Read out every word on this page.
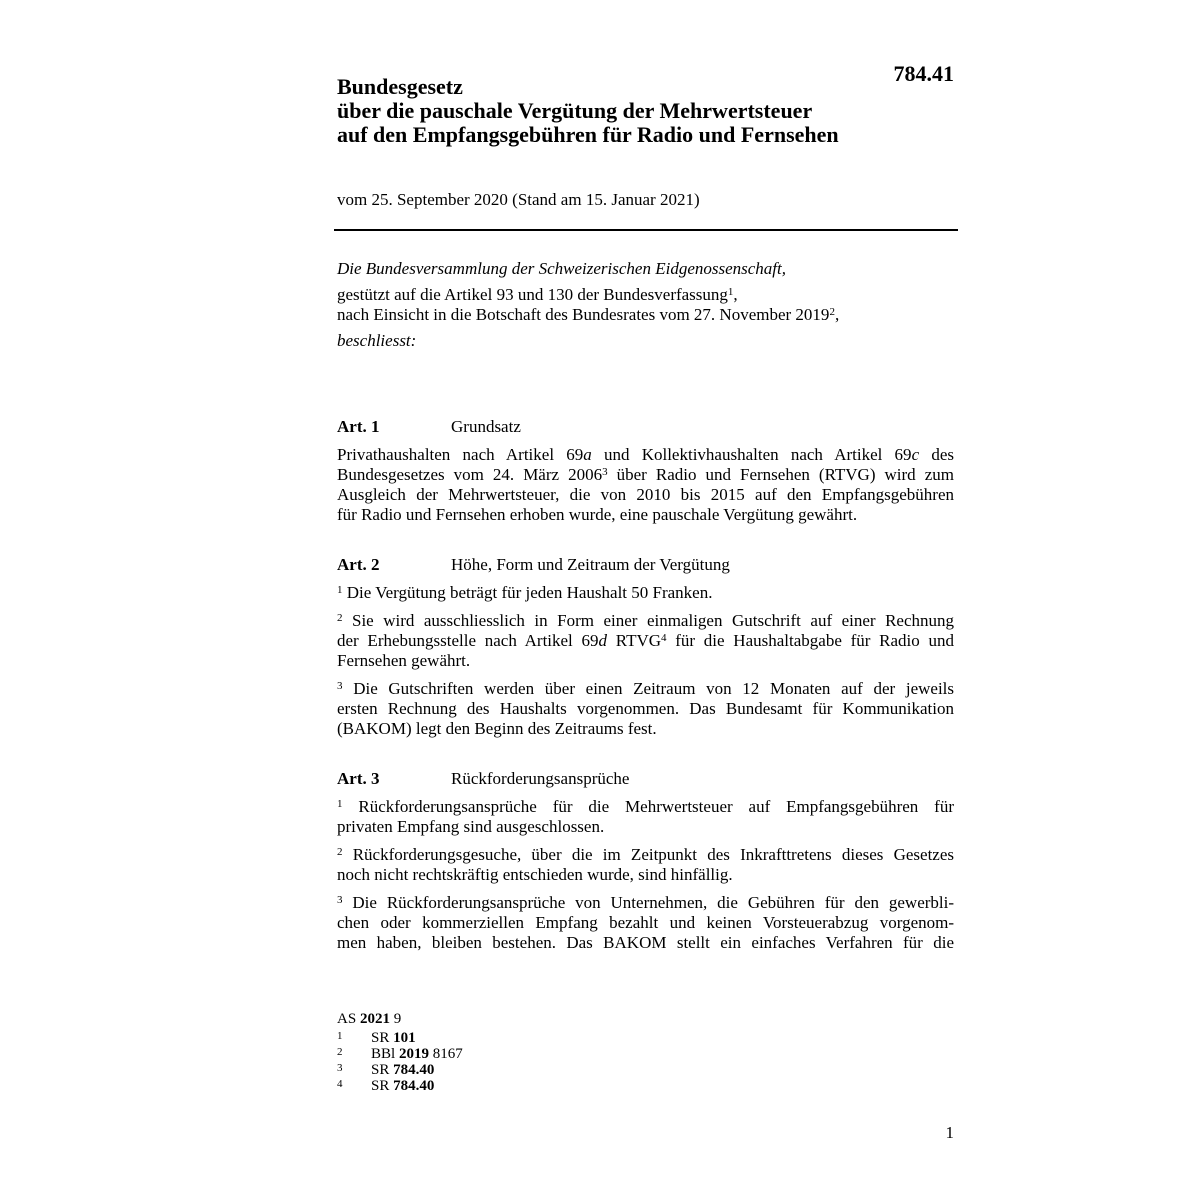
784.41
Bundesgesetz
über die pauschale Vergütung der Mehrwertsteuer
auf den Empfangsgebühren für Radio und Fernsehen
vom 25. September 2020 (Stand am 15. Januar 2021)
Die Bundesversammlung der Schweizerischen Eidgenossenschaft,
gestützt auf die Artikel 93 und 130 der Bundesverfassung$^1$,
nach Einsicht in die Botschaft des Bundesrates vom 27. November 2019$^2$,
beschliesst:
Art. 1	Grundsatz
Privathaushalten nach Artikel 69a und Kollektivhaushalten nach Artikel 69c des
Bundesgesetzes vom 24. März 2006$^3$ über Radio und Fernsehen (RTVG) wird zum
Ausgleich der Mehrwertsteuer, die von 2010 bis 2015 auf den Empfangsgebühren
für Radio und Fernsehen erhoben wurde, eine pauschale Vergütung gewährt.
Art. 2	Höhe, Form und Zeitraum der Vergütung
$^1$ Die Vergütung beträgt für jeden Haushalt 50 Franken.
$^2$ Sie wird ausschliesslich in Form einer einmaligen Gutschrift auf einer Rechnung
der Erhebungsstelle nach Artikel 69d RTVG$^4$ für die Haushaltabgabe für Radio und
Fernsehen gewährt.
$^3$ Die Gutschriften werden über einen Zeitraum von 12 Monaten auf der jeweils
ersten Rechnung des Haushalts vorgenommen. Das Bundesamt für Kommunikation
(BAKOM) legt den Beginn des Zeitraums fest.
Art. 3	Rückforderungsansprüche
$^1$ Rückforderungsansprüche für die Mehrwertsteuer auf Empfangsgebühren für
privaten Empfang sind ausgeschlossen.
$^2$ Rückforderungsgesuche, über die im Zeitpunkt des Inkrafttretens dieses Gesetzes
noch nicht rechtskräftig entschieden wurde, sind hinfällig.
$^3$ Die Rückforderungsansprüche von Unternehmen, die Gebühren für den gewerbli-
chen oder kommerziellen Empfang bezahlt und keinen Vorsteuerabzug vorgenom-
men haben, bleiben bestehen. Das BAKOM stellt ein einfaches Verfahren für die
AS 2021 9
1	SR 101
2	BBl 2019 8167
3	SR 784.40
4	SR 784.40
1
